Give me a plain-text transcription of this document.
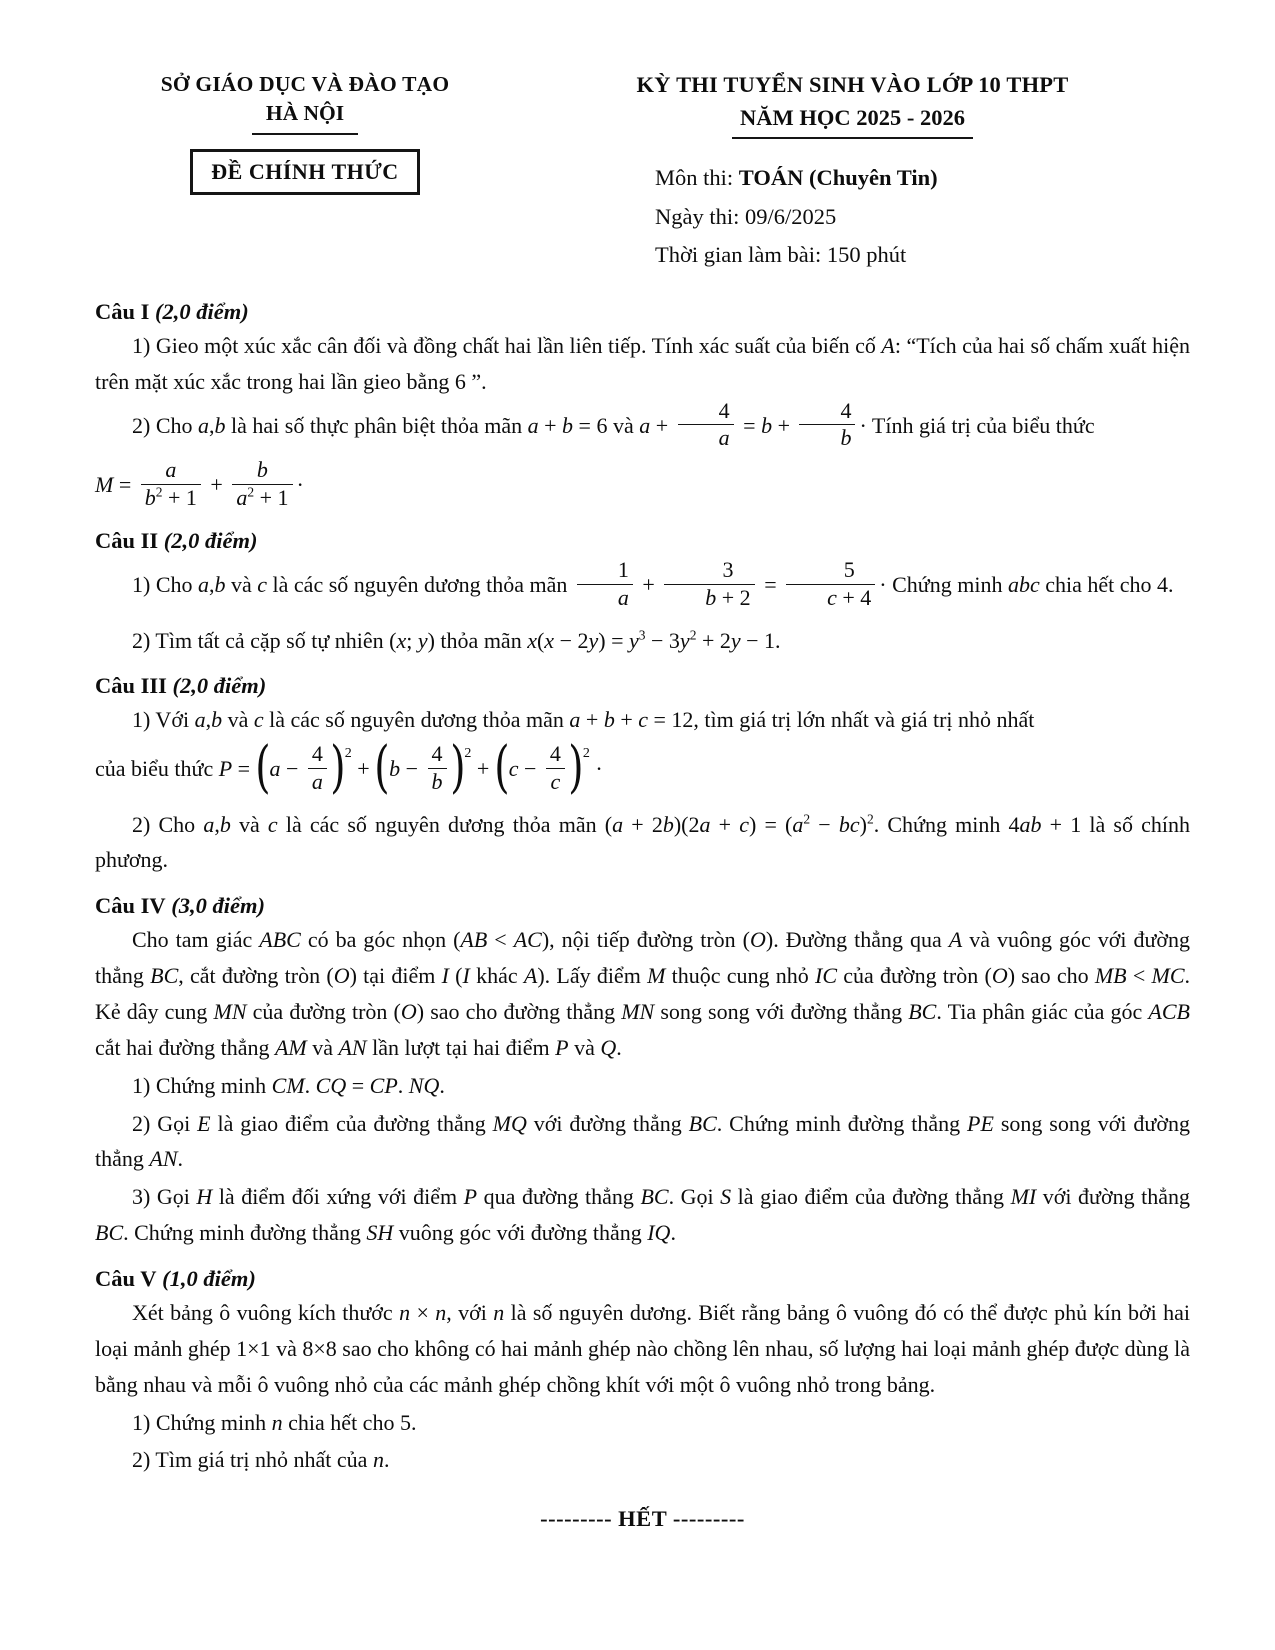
SỞ GIÁO DỤC VÀ ĐÀO TẠO
HÀ NỘI
ĐỀ CHÍNH THỨC
KỲ THI TUYỂN SINH VÀO LỚP 10 THPT
NĂM HỌC 2025 - 2026
Môn thi: TOÁN (Chuyên Tin)
Ngày thi: 09/6/2025
Thời gian làm bài: 150 phút
Câu I (2,0 điểm)

1) Gieo một xúc xắc cân đối và đồng chất hai lần liên tiếp. Tính xác suất của biến cố A: “Tích của hai số chấm xuất hiện trên mặt xúc xắc trong hai lần gieo bằng 6 ”.

2) Cho a,b là hai số thực phân biệt thỏa mãn a + b = 6 và $a + \frac{4}{a} = b + \frac{4}{b}$ · Tính giá trị của biểu thức

$M = \frac{a}{b^2 + 1} + \frac{b}{a^2 + 1}$ ·

Câu II (2,0 điểm)

1) Cho a,b và c là các số nguyên dương thỏa mãn $\frac{1}{a} + \frac{3}{b + 2} = \frac{5}{c + 4}$ · Chứng minh abc chia hết cho 4.

2) Tìm tất cả cặp số tự nhiên (x; y) thỏa mãn $x(x - 2y) = y^3 - 3y^2 + 2y - 1$.

Câu III (2,0 điểm)

1) Với a,b và c là các số nguyên dương thỏa mãn a + b + c = 12, tìm giá trị lớn nhất và giá trị nhỏ nhất

của biểu thức $P = (a - \frac{4}{a} )^2 + (b - \frac{4}{b} )^2 + (c - \frac{4}{c} )^2$ ·

2) Cho a,b và c là các số nguyên dương thỏa mãn $(a + 2b)(2a + c) = (a^2 - bc)^2$. Chứng minh 4ab + 1 là số chính phương.

Câu IV (3,0 điểm)

Cho tam giác ABC có ba góc nhọn (AB < AC), nội tiếp đường tròn (O). Đường thẳng qua A và vuông góc với đường thẳng BC, cắt đường tròn (O) tại điểm I (I khác A). Lấy điểm M thuộc cung nhỏ IC của đường tròn (O) sao cho MB < MC. Kẻ dây cung MN của đường tròn (O) sao cho đường thẳng MN song song với đường thẳng BC. Tia phân giác của góc ACB cắt hai đường thẳng AM và AN lần lượt tại hai điểm P và Q.

1) Chứng minh CM. CQ = CP. NQ.

2) Gọi E là giao điểm của đường thẳng MQ với đường thẳng BC. Chứng minh đường thẳng PE song song với đường thẳng AN.

3) Gọi H là điểm đối xứng với điểm P qua đường thẳng BC. Gọi S là giao điểm của đường thẳng MI với đường thẳng BC. Chứng minh đường thẳng SH vuông góc với đường thẳng IQ.

Câu V (1,0 điểm)

Xét bảng ô vuông kích thước n × n, với n là số nguyên dương. Biết rằng bảng ô vuông đó có thể được phủ kín bởi hai loại mảnh ghép 1×1 và 8×8 sao cho không có hai mảnh ghép nào chồng lên nhau, số lượng hai loại mảnh ghép được dùng là bằng nhau và mỗi ô vuông nhỏ của các mảnh ghép chồng khít với một ô vuông nhỏ trong bảng.

1) Chứng minh n chia hết cho 5.

2) Tìm giá trị nhỏ nhất của n.

--------- HẾT ---------
